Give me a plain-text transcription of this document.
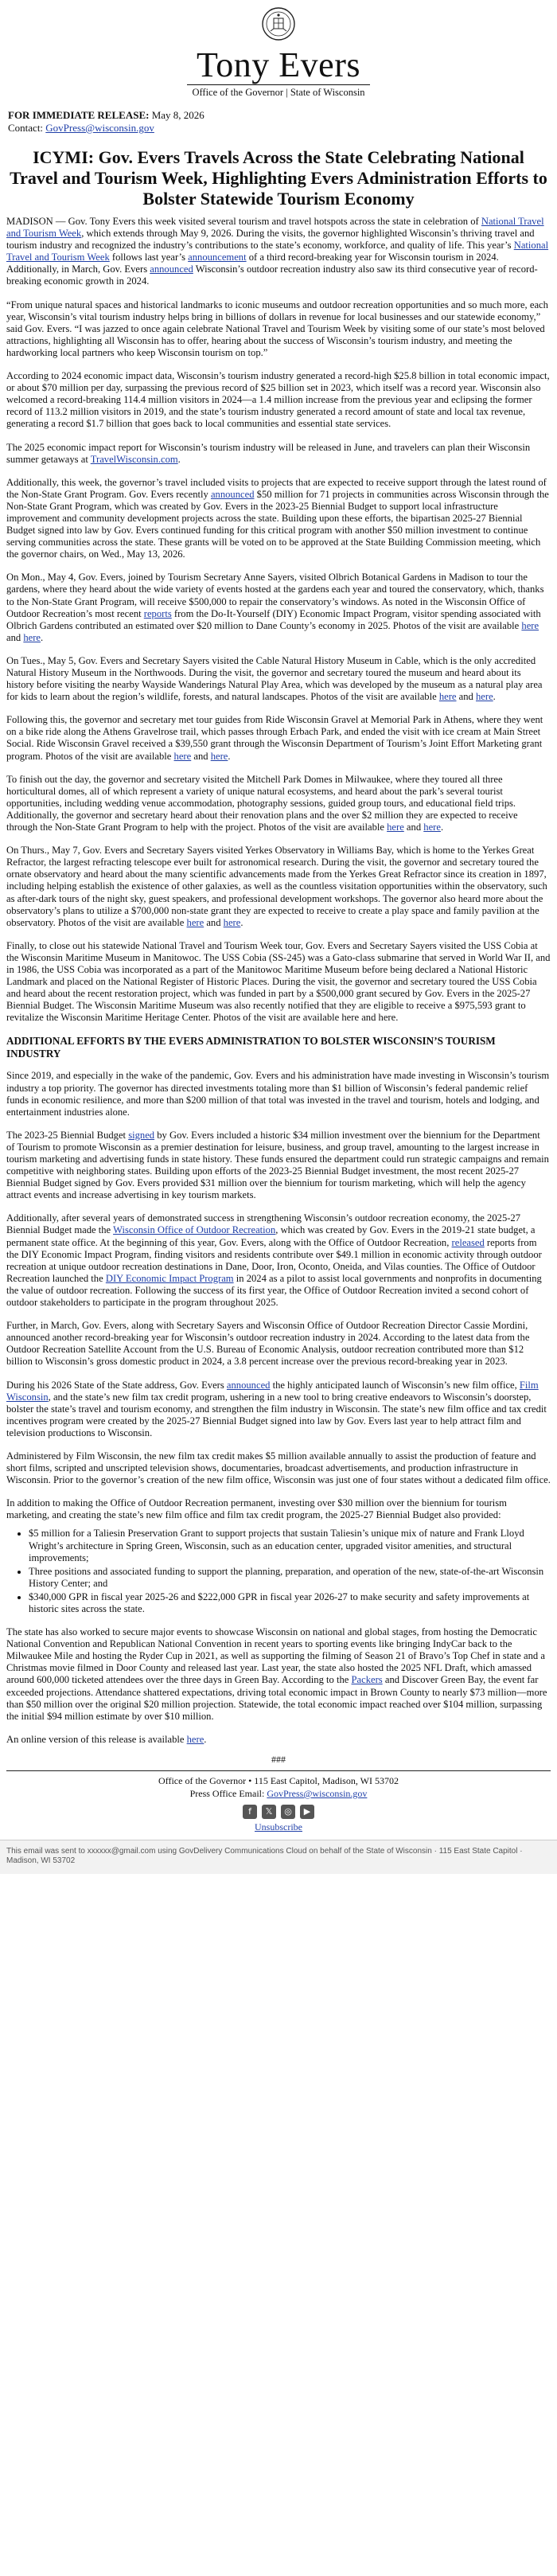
Tony Evers
Office of the Governor | State of Wisconsin
FOR IMMEDIATE RELEASE: May 8, 2026
Contact: GovPress@wisconsin.gov
ICYMI: Gov. Evers Travels Across the State Celebrating National Travel and Tourism Week, Highlighting Evers Administration Efforts to Bolster Statewide Tourism Economy

MADISON — Gov. Tony Evers this week visited several tourism and travel hotspots across the state in celebration of National Travel and Tourism Week, which extends through May 9, 2026. During the visits, the governor highlighted Wisconsin’s thriving travel and tourism industry and recognized the industry’s contributions to the state’s economy, workforce, and quality of life. This year’s National Travel and Tourism Week follows last year’s announcement of a third record-breaking year for Wisconsin tourism in 2024. Additionally, in March, Gov. Evers announced Wisconsin’s outdoor recreation industry also saw its third consecutive year of record-breaking economic growth in 2024.

“From unique natural spaces and historical landmarks to iconic museums and outdoor recreation opportunities and so much more, each year, Wisconsin’s vital tourism industry helps bring in billions of dollars in revenue for local businesses and our statewide economy,” said Gov. Evers. “I was jazzed to once again celebrate National Travel and Tourism Week by visiting some of our state’s most beloved attractions, highlighting all Wisconsin has to offer, hearing about the success of Wisconsin’s tourism industry, and meeting the hardworking local partners who keep Wisconsin tourism on top.”

According to 2024 economic impact data, Wisconsin’s tourism industry generated a record-high $25.8 billion in total economic impact, or about $70 million per day, surpassing the previous record of $25 billion set in 2023, which itself was a record year. Wisconsin also welcomed a record-breaking 114.4 million visitors in 2024—a 1.4 million increase from the previous year and eclipsing the former record of 113.2 million visitors in 2019, and the state’s tourism industry generated a record amount of state and local tax revenue, generating a record $1.7 billion that goes back to local communities and essential state services.

The 2025 economic impact report for Wisconsin’s tourism industry will be released in June, and travelers can plan their Wisconsin summer getaways at TravelWisconsin.com.

Additionally, this week, the governor’s travel included visits to projects that are expected to receive support through the latest round of the Non-State Grant Program. Gov. Evers recently announced $50 million for 71 projects in communities across Wisconsin through the Non-State Grant Program, which was created by Gov. Evers in the 2023-25 Biennial Budget to support local infrastructure improvement and community development projects across the state. Building upon these efforts, the bipartisan 2025-27 Biennial Budget signed into law by Gov. Evers continued funding for this critical program with another $50 million investment to continue serving communities across the state. These grants will be voted on to be approved at the State Building Commission meeting, which the governor chairs, on Wed., May 13, 2026.

On Mon., May 4, Gov. Evers, joined by Tourism Secretary Anne Sayers, visited Olbrich Botanical Gardens in Madison to tour the gardens, where they heard about the wide variety of events hosted at the gardens each year and toured the conservatory, which, thanks to the Non-State Grant Program, will receive $500,000 to repair the conservatory’s windows. As noted in the Wisconsin Office of Outdoor Recreation’s most recent reports from the Do-It-Yourself (DIY) Economic Impact Program, visitor spending associated with Olbrich Gardens contributed an estimated over $20 million to Dane County’s economy in 2025. Photos of the visit are available here and here.

On Tues., May 5, Gov. Evers and Secretary Sayers visited the Cable Natural History Museum in Cable, which is the only accredited Natural History Museum in the Northwoods. During the visit, the governor and secretary toured the museum and heard about its history before visiting the nearby Wayside Wanderings Natural Play Area, which was developed by the museum as a natural play area for kids to learn about the region’s wildlife, forests, and natural landscapes. Photos of the visit are available here and here.

Following this, the governor and secretary met tour guides from Ride Wisconsin Gravel at Memorial Park in Athens, where they went on a bike ride along the Athens Gravelrose trail, which passes through Erbach Park, and ended the visit with ice cream at Main Street Social. Ride Wisconsin Gravel received a $39,550 grant through the Wisconsin Department of Tourism’s Joint Effort Marketing grant program. Photos of the visit are available here and here.

To finish out the day, the governor and secretary visited the Mitchell Park Domes in Milwaukee, where they toured all three horticultural domes, all of which represent a variety of unique natural ecosystems, and heard about the park’s several tourist opportunities, including wedding venue accommodation, photography sessions, guided group tours, and educational field trips. Additionally, the governor and secretary heard about their renovation plans and the over $2 million they are expected to receive through the Non-State Grant Program to help with the project. Photos of the visit are available here and here.

On Thurs., May 7, Gov. Evers and Secretary Sayers visited Yerkes Observatory in Williams Bay, which is home to the Yerkes Great Refractor, the largest refracting telescope ever built for astronomical research. During the visit, the governor and secretary toured the ornate observatory and heard about the many scientific advancements made from the Yerkes Great Refractor since its creation in 1897, including helping establish the existence of other galaxies, as well as the countless visitation opportunities within the observatory, such as after-dark tours of the night sky, guest speakers, and professional development workshops. The governor also heard more about the observatory’s plans to utilize a $700,000 non-state grant they are expected to receive to create a play space and family pavilion at the observatory. Photos of the visit are available here and here.

Finally, to close out his statewide National Travel and Tourism Week tour, Gov. Evers and Secretary Sayers visited the USS Cobia at the Wisconsin Maritime Museum in Manitowoc. The USS Cobia (SS-245) was a Gato-class submarine that served in World War II, and in 1986, the USS Cobia was incorporated as a part of the Manitowoc Maritime Museum before being declared a National Historic Landmark and placed on the National Register of Historic Places. During the visit, the governor and secretary toured the USS Cobia and heard about the recent restoration project, which was funded in part by a $500,000 grant secured by Gov. Evers in the 2025-27 Biennial Budget. The Wisconsin Maritime Museum was also recently notified that they are eligible to receive a $975,593 grant to revitalize the Wisconsin Maritime Heritage Center. Photos of the visit are available here and here.

ADDITIONAL EFFORTS BY THE EVERS ADMINISTRATION TO BOLSTER WISCONSIN’S TOURISM INDUSTRY

Since 2019, and especially in the wake of the pandemic, Gov. Evers and his administration have made investing in Wisconsin’s tourism industry a top priority. The governor has directed investments totaling more than $1 billion of Wisconsin’s federal pandemic relief funds in economic resilience, and more than $200 million of that total was invested in the travel and tourism, hotels and lodging, and entertainment industries alone.

The 2023-25 Biennial Budget signed by Gov. Evers included a historic $34 million investment over the biennium for the Department of Tourism to promote Wisconsin as a premier destination for leisure, business, and group travel, amounting to the largest increase in tourism marketing and advertising funds in state history. These funds ensured the department could run strategic campaigns and remain competitive with neighboring states. Building upon efforts of the 2023-25 Biennial Budget investment, the most recent 2025-27 Biennial Budget signed by Gov. Evers provided $31 million over the biennium for tourism marketing, which will help the agency attract events and increase advertising in key tourism markets.

Additionally, after several years of demonstrated success in strengthening Wisconsin’s outdoor recreation economy, the 2025-27 Biennial Budget made the Wisconsin Office of Outdoor Recreation, which was created by Gov. Evers in the 2019-21 state budget, a permanent state office. At the beginning of this year, Gov. Evers, along with the Office of Outdoor Recreation, released reports from the DIY Economic Impact Program, finding visitors and residents contribute over $49.1 million in economic activity through outdoor recreation at unique outdoor recreation destinations in Dane, Door, Iron, Oconto, Oneida, and Vilas counties. The Office of Outdoor Recreation launched the DIY Economic Impact Program in 2024 as a pilot to assist local governments and nonprofits in documenting the value of outdoor recreation. Following the success of its first year, the Office of Outdoor Recreation invited a second cohort of outdoor stakeholders to participate in the program throughout 2025.

Further, in March, Gov. Evers, along with Secretary Sayers and Wisconsin Office of Outdoor Recreation Director Cassie Mordini, announced another record-breaking year for Wisconsin’s outdoor recreation industry in 2024. According to the latest data from the Outdoor Recreation Satellite Account from the U.S. Bureau of Economic Analysis, outdoor recreation contributed more than $12 billion to Wisconsin’s gross domestic product in 2024, a 3.8 percent increase over the previous record-breaking year in 2023.

During his 2026 State of the State address, Gov. Evers announced the highly anticipated launch of Wisconsin’s new film office, Film Wisconsin, and the state’s new film tax credit program, ushering in a new tool to bring creative endeavors to Wisconsin’s doorstep, bolster the state’s travel and tourism economy, and strengthen the film industry in Wisconsin. The state’s new film office and tax credit incentives program were created by the 2025-27 Biennial Budget signed into law by Gov. Evers last year to help attract film and television productions to Wisconsin.

Administered by Film Wisconsin, the new film tax credit makes $5 million available annually to assist the production of feature and short films, scripted and unscripted television shows, documentaries, broadcast advertisements, and production infrastructure in Wisconsin. Prior to the governor’s creation of the new film office, Wisconsin was just one of four states without a dedicated film office.

In addition to making the Office of Outdoor Recreation permanent, investing over $30 million over the biennium for tourism marketing, and creating the state’s new film office and film tax credit program, the 2025-27 Biennial Budget also provided:

• $5 million for a Taliesin Preservation Grant to support projects that sustain Taliesin’s unique mix of nature and Frank Lloyd Wright’s architecture in Spring Green, Wisconsin, such as an education center, upgraded visitor amenities, and structural improvements;
• Three positions and associated funding to support the planning, preparation, and operation of the new, state-of-the-art Wisconsin History Center; and
• $340,000 GPR in fiscal year 2025-26 and $222,000 GPR in fiscal year 2026-27 to make security and safety improvements at historic sites across the state.

The state has also worked to secure major events to showcase Wisconsin on national and global stages, from hosting the Democratic National Convention and Republican National Convention in recent years to sporting events like bringing IndyCar back to the Milwaukee Mile and hosting the Ryder Cup in 2021, as well as supporting the filming of Season 21 of Bravo’s Top Chef in state and a Christmas movie filmed in Door County and released last year. Last year, the state also hosted the 2025 NFL Draft, which amassed around 600,000 ticketed attendees over the three days in Green Bay. According to the Packers and Discover Green Bay, the event far exceeded projections. Attendance shattered expectations, driving total economic impact in Brown County to nearly $73 million—more than $50 million over the original $20 million projection. Statewide, the total economic impact reached over $104 million, surpassing the initial $94 million estimate by over $10 million.

An online version of this release is available here.

###
Office of the Governor • 115 East Capitol, Madison, WI 53702
Press Office Email: GovPress@wisconsin.gov
f	𝕏	◎	▶
Unsubscribe
This email was sent to xxxxxx@gmail.com using GovDelivery Communications Cloud on behalf of the State of Wisconsin · 115 East State Capitol · Madison, WI 53702
